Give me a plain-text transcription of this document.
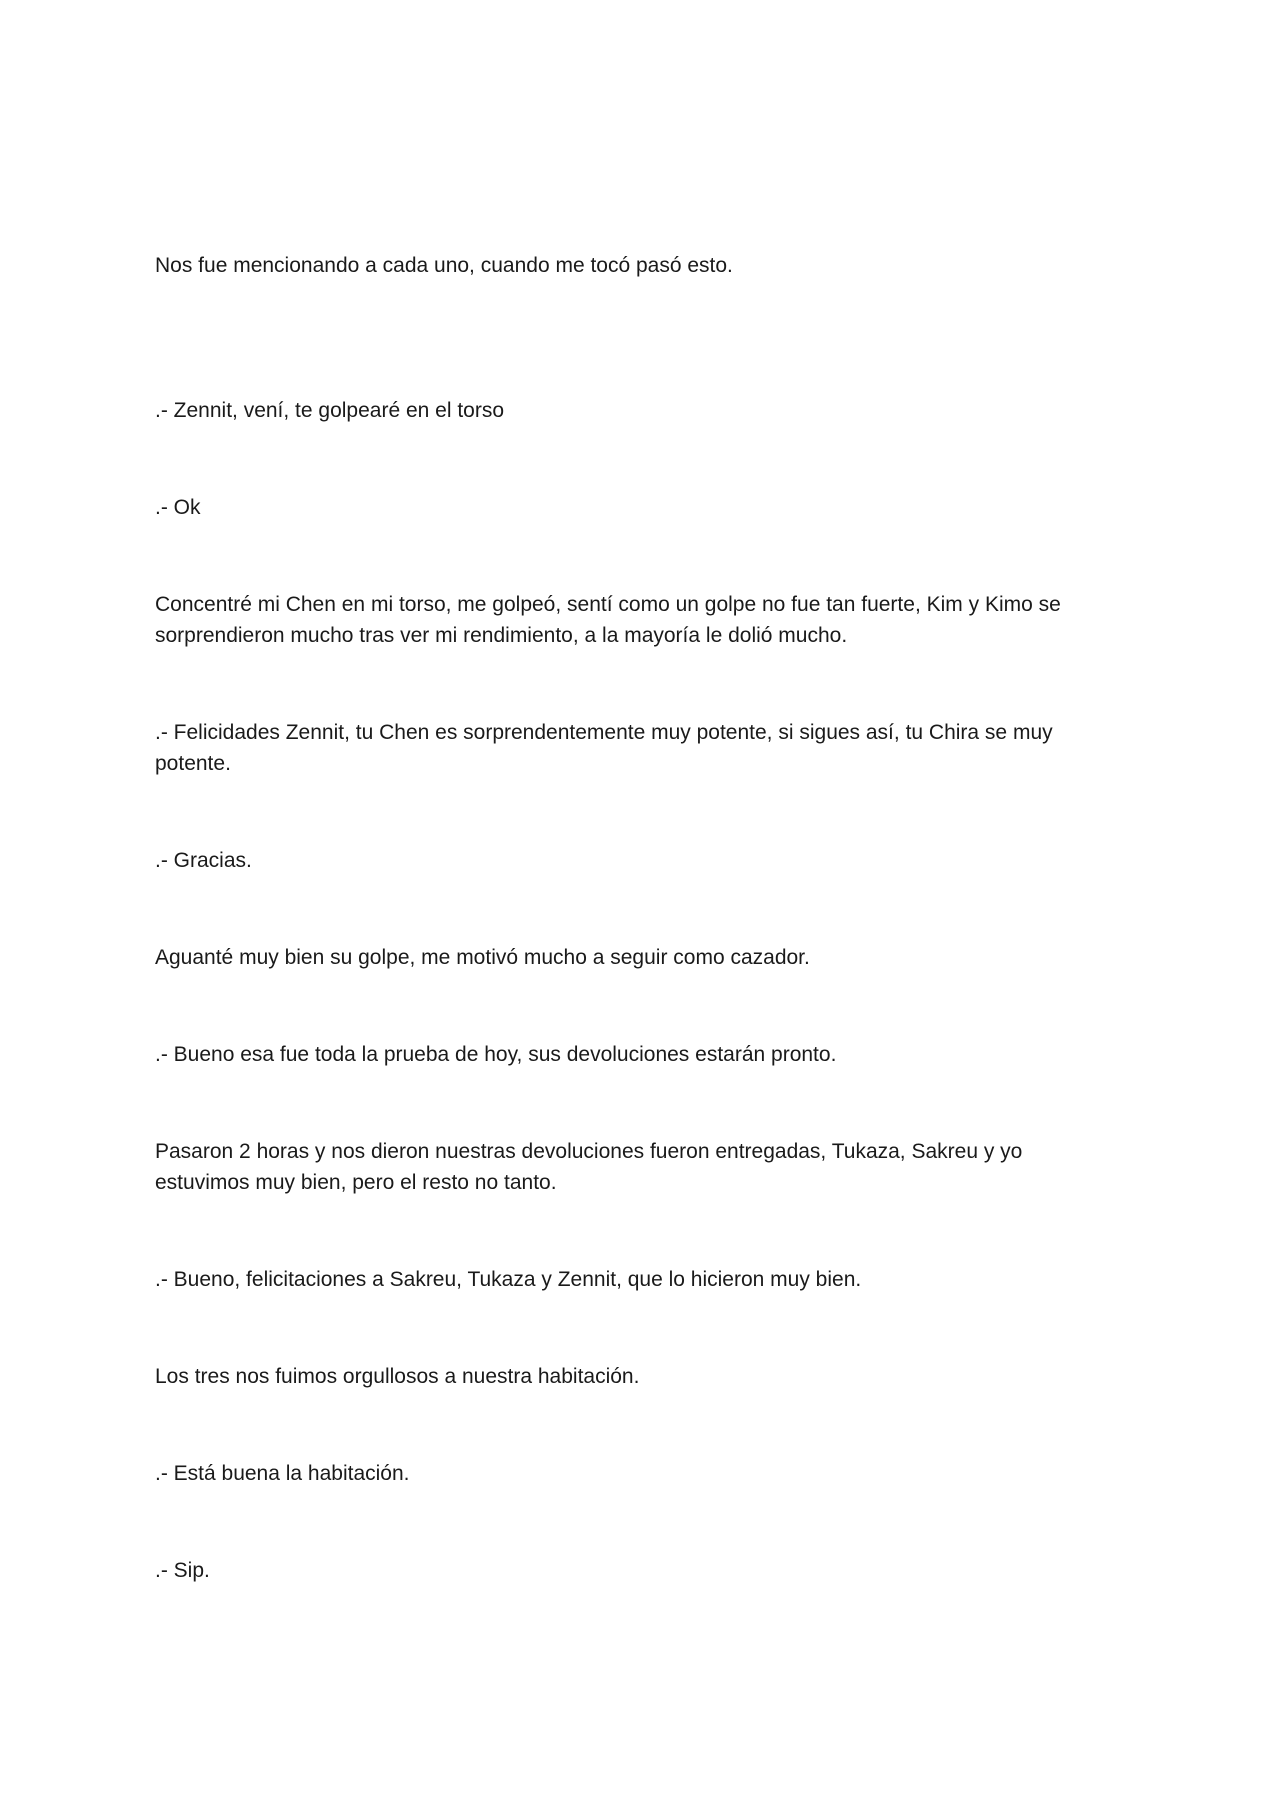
Nos fue mencionando a cada uno, cuando me tocó pasó esto.

.- Zennit, vení, te golpearé en el torso

.- Ok

Concentré mi Chen en mi torso, me golpeó, sentí como un golpe no fue tan fuerte, Kim y Kimo se sorprendieron mucho tras ver mi rendimiento, a la mayoría le dolió mucho.

.- Felicidades Zennit, tu Chen es sorprendentemente muy potente, si sigues así, tu Chira se muy potente.

.- Gracias.

Aguanté muy bien su golpe, me motivó mucho a seguir como cazador.

.- Bueno esa fue toda la prueba de hoy, sus devoluciones estarán pronto.

Pasaron 2 horas y nos dieron nuestras devoluciones fueron entregadas, Tukaza, Sakreu y yo estuvimos muy bien, pero el resto no tanto.

.- Bueno, felicitaciones a Sakreu, Tukaza y Zennit, que lo hicieron muy bien.

Los tres nos fuimos orgullosos a nuestra habitación.

.- Está buena la habitación.

.- Sip.
